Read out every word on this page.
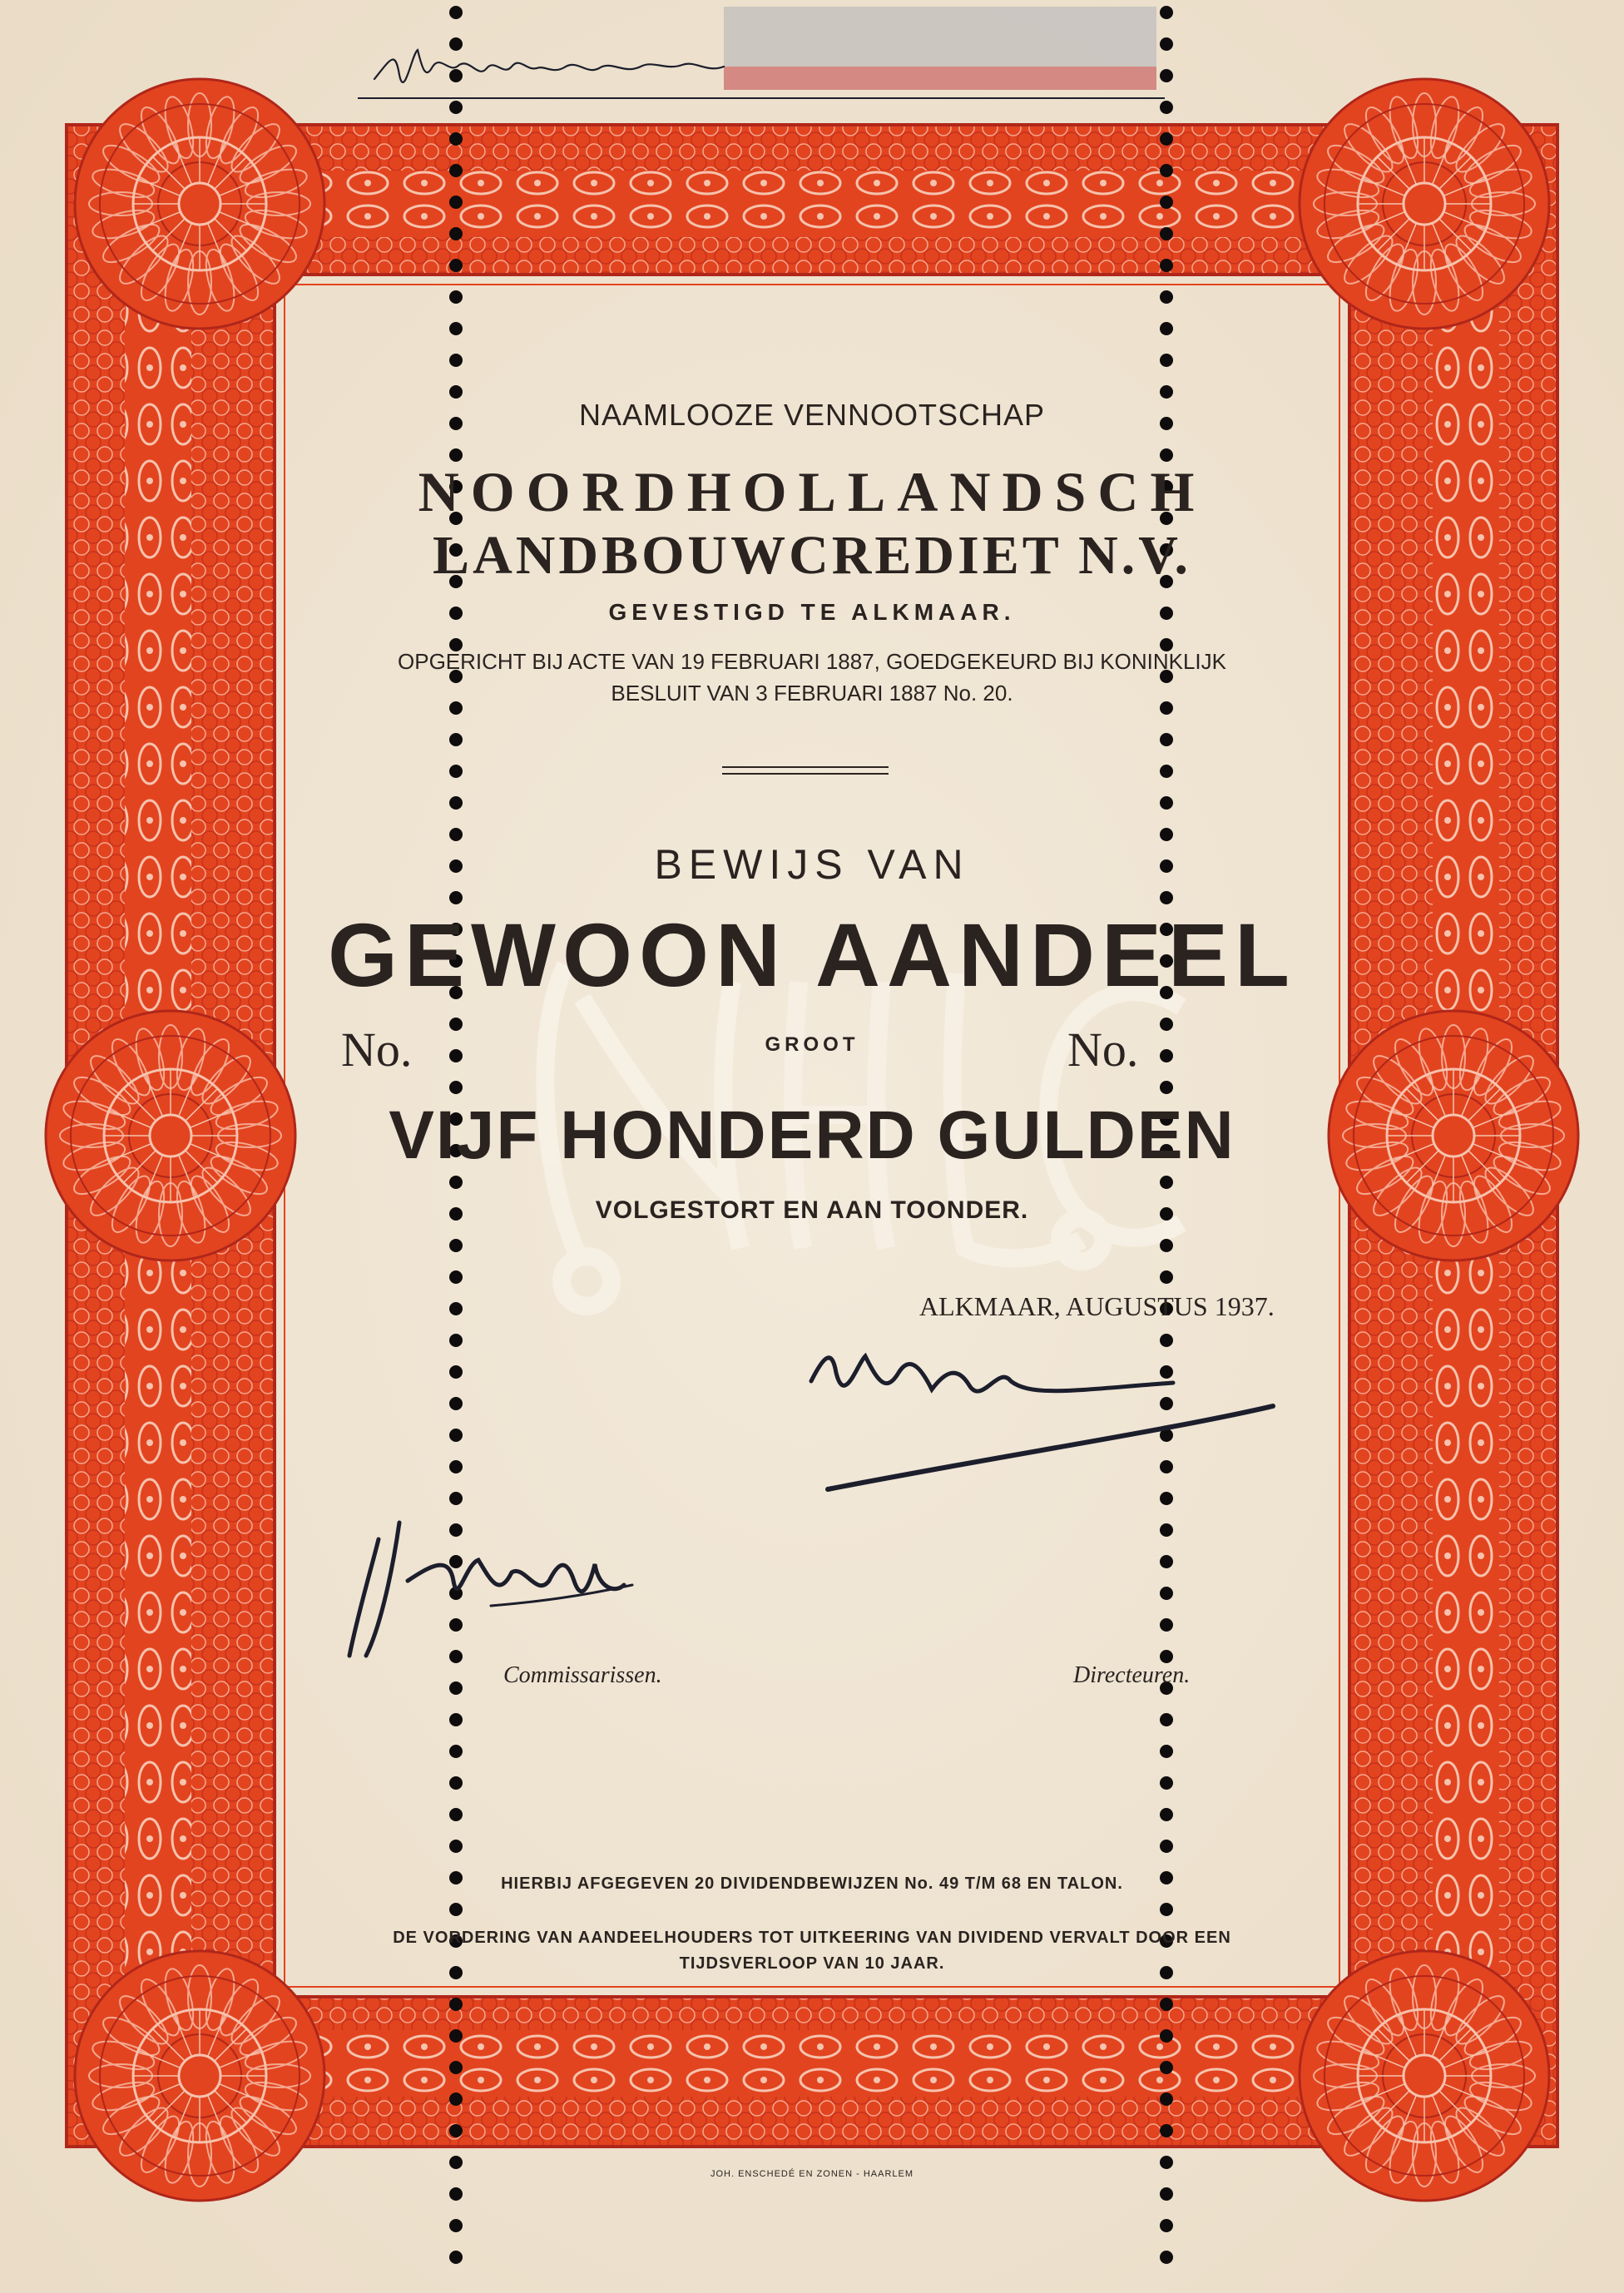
NAAMLOOZE VENNOOTSCHAP
NOORDHOLLANDSCH
LANDBOUWCREDIET N.V.
GEVESTIGD TE ALKMAAR.
OPGERICHT BIJ ACTE VAN 19 FEBRUARI 1887, GOEDGEKEURD BIJ KONINKLIJK
BESLUIT VAN 3 FEBRUARI 1887 No. 20.
BEWIJS VAN
GEWOON AANDEEL
No.	GROOT	No.
VIJF HONDERD GULDEN
VOLGESTORT EN AAN TOONDER.
ALKMAAR, AUGUSTUS 1937.
Commissarissen.	Directeuren.
HIERBIJ AFGEGEVEN 20 DIVIDENDBEWIJZEN No. 49 T/M 68 EN TALON.
DE VORDERING VAN AANDEELHOUDERS TOT UITKEERING VAN DIVIDEND VERVALT DOOR EEN
TIJDSVERLOOP VAN 10 JAAR.
JOH. ENSCHEDÉ EN ZONEN - HAARLEM
